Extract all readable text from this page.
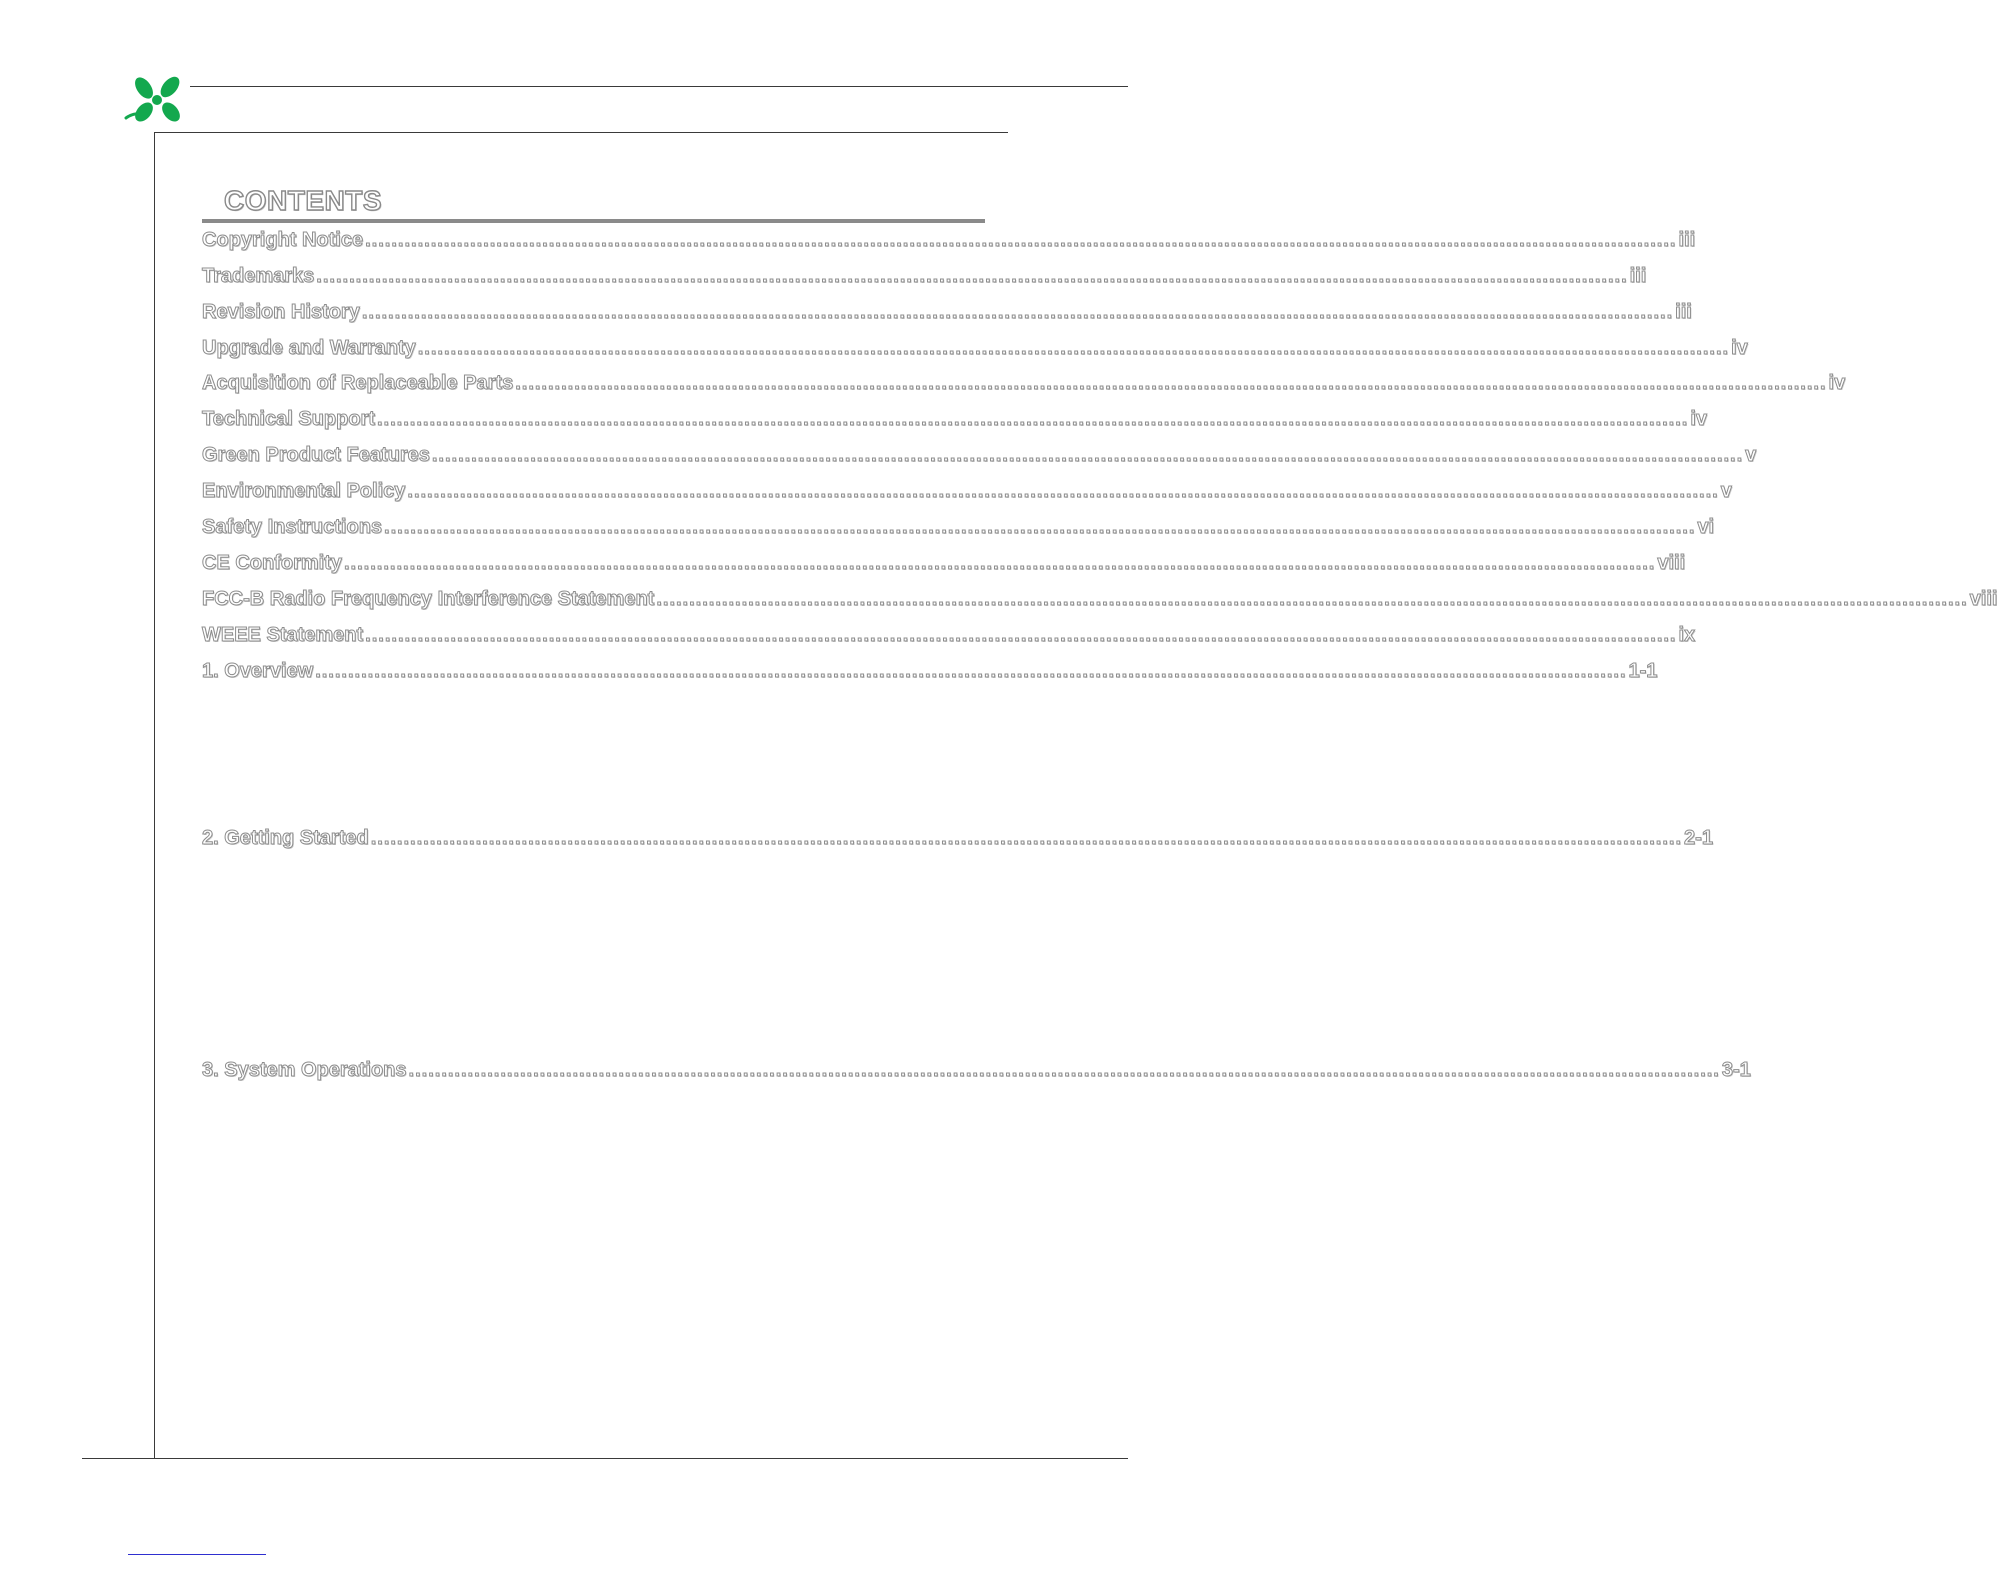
CONTENTS
Copyright Notice ........................................................................................................................................................................................................ iii
Trademarks ........................................................................................................................................................................................................ iii
Revision History ........................................................................................................................................................................................................ iii
Upgrade and Warranty ........................................................................................................................................................................................................ iv
Acquisition of Replaceable Parts ........................................................................................................................................................................................................ iv
Technical Support ........................................................................................................................................................................................................ iv
Green Product Features ........................................................................................................................................................................................................ v
Environmental Policy ........................................................................................................................................................................................................ v
Safety Instructions ........................................................................................................................................................................................................ vi
CE Conformity ........................................................................................................................................................................................................ viii
FCC-B Radio Frequency Interference Statement ........................................................................................................................................................................................................ viii
WEEE Statement ........................................................................................................................................................................................................ ix
1. Overview ........................................................................................................................................................................................................ 1-1
2. Getting Started ........................................................................................................................................................................................................ 2-1
3. System Operations ........................................................................................................................................................................................................ 3-1
